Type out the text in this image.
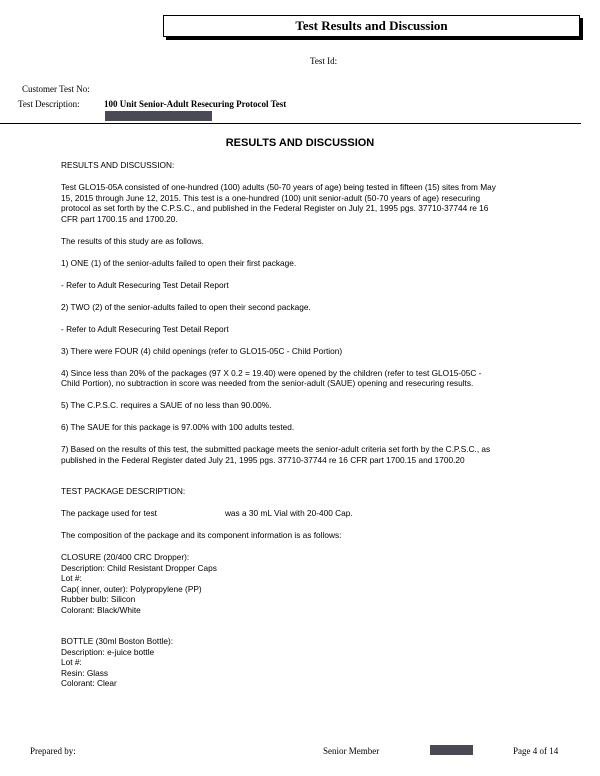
Test Results and Discussion
Test Id:
Customer Test No:
Test Description:	100 Unit Senior-Adult Resecuring Protocol Test
RESULTS AND DISCUSSION

RESULTS AND DISCUSSION:

Test GLO15-05A consisted of one-hundred (100) adults (50-70 years of age) being tested in fifteen (15) sites from May 15, 2015 through June 12, 2015. This test is a one-hundred (100) unit senior-adult (50-70 years of age) resecuring protocol as set forth by the C.P.S.C., and published in the Federal Register on July 21, 1995 pgs. 37710-37744 re 16 CFR part 1700.15 and 1700.20.

The results of this study are as follows.

1) ONE (1) of the senior-adults failed to open their first package.

- Refer to Adult Resecuring Test Detail Report

2) TWO (2) of the senior-adults failed to open their second package.

- Refer to Adult Resecuring Test Detail Report

3) There were FOUR (4) child openings (refer to GLO15-05C - Child Portion)

4) Since less than 20% of the packages (97 X 0.2 = 19.40) were opened by the children (refer to test GLO15-05C - Child Portion), no subtraction in score was needed from the senior-adult (SAUE) opening and resecuring results.

5) The C.P.S.C. requires a SAUE of no less than 90.00%.

6) The SAUE for this package is 97.00% with 100 adults tested.

7) Based on the results of this test, the submitted package meets the senior-adult criteria set forth by the C.P.S.C., as published in the Federal Register dated July 21, 1995 pgs. 37710-37744 re 16 CFR part 1700.15 and 1700.20

TEST PACKAGE DESCRIPTION:

The package used for test	was a 30 mL Vial with 20-400 Cap.

The composition of the package and its component information is as follows:

CLOSURE (20/400 CRC Dropper):
Description: Child Resistant Dropper Caps
Lot #:
Cap( inner, outer): Polypropylene (PP)
Rubber bulb: Silicon
Colorant: Black/White

BOTTLE (30ml Boston Bottle):
Description: e-juice bottle
Lot #:
Resin: Glass
Colorant: Clear

Prepared by:	Senior Member	Page 4 of 14
